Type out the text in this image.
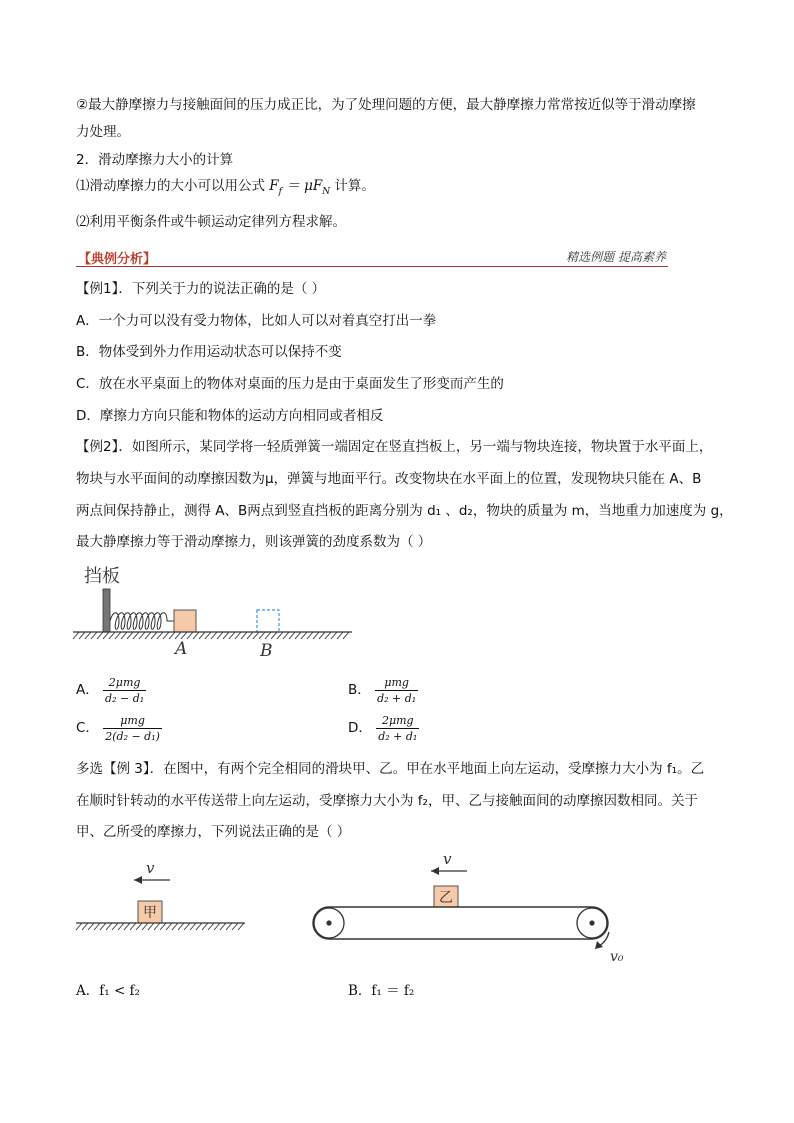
②最大静摩擦力与接触面间的压力成正比，为了处理问题的方便，最大静摩擦力常常按近似等于滑动摩擦
力处理。
2．滑动摩擦力大小的计算
⑴滑动摩擦力的大小可以用公式 $F_f = \mu F_N$ 计算。
⑵利用平衡条件或牛顿运动定律列方程求解。
【典例分析】	精选例题 提高素养
【例1】．下列关于力的说法正确的是（ ）
A．一个力可以没有受力物体，比如人可以对着真空打出一拳
B．物体受到外力作用运动状态可以保持不变
C．放在水平桌面上的物体对桌面的压力是由于桌面发生了形变而产生的
D．摩擦力方向只能和物体的运动方向相同或者相反
【例2】．如图所示，某同学将一轻质弹簧一端固定在竖直挡板上，另一端与物块连接，物块置于水平面上，
物块与水平面间的动摩擦因数为μ，弹簧与地面平行。改变物块在水平面上的位置，发现物块只能在 A、B
两点间保持静止，测得 A、B两点到竖直挡板的距离分别为 d₁ 、d₂，物块的质量为 m，当地重力加速度为 g，
最大静摩擦力等于滑动摩擦力，则该弹簧的劲度系数为（ ）
挡板
A	B
A． $\frac{\text{2μmg}}{\text{d₂ − d₁}}$	B． $\frac{\text{μmg}}{\text{d₂ + d₁}}$
C． $\frac{\text{μmg}}{\text{2(d₂ − d₁)}}$	D． $\frac{\text{2μmg}}{\text{d₂ + d₁}}$
多选【例 3】．在图中，有两个完全相同的滑块甲、乙。甲在水平地面上向左运动，受摩擦力大小为 f₁。乙
在顺时针转动的水平传送带上向左运动，受摩擦力大小为 f₂，甲、乙与接触面间的动摩擦因数相同。关于
甲、乙所受的摩擦力，下列说法正确的是（ ）
v
甲
v
乙
v₀
A．f₁ < f₂	B．f₁ ＝ f₂
